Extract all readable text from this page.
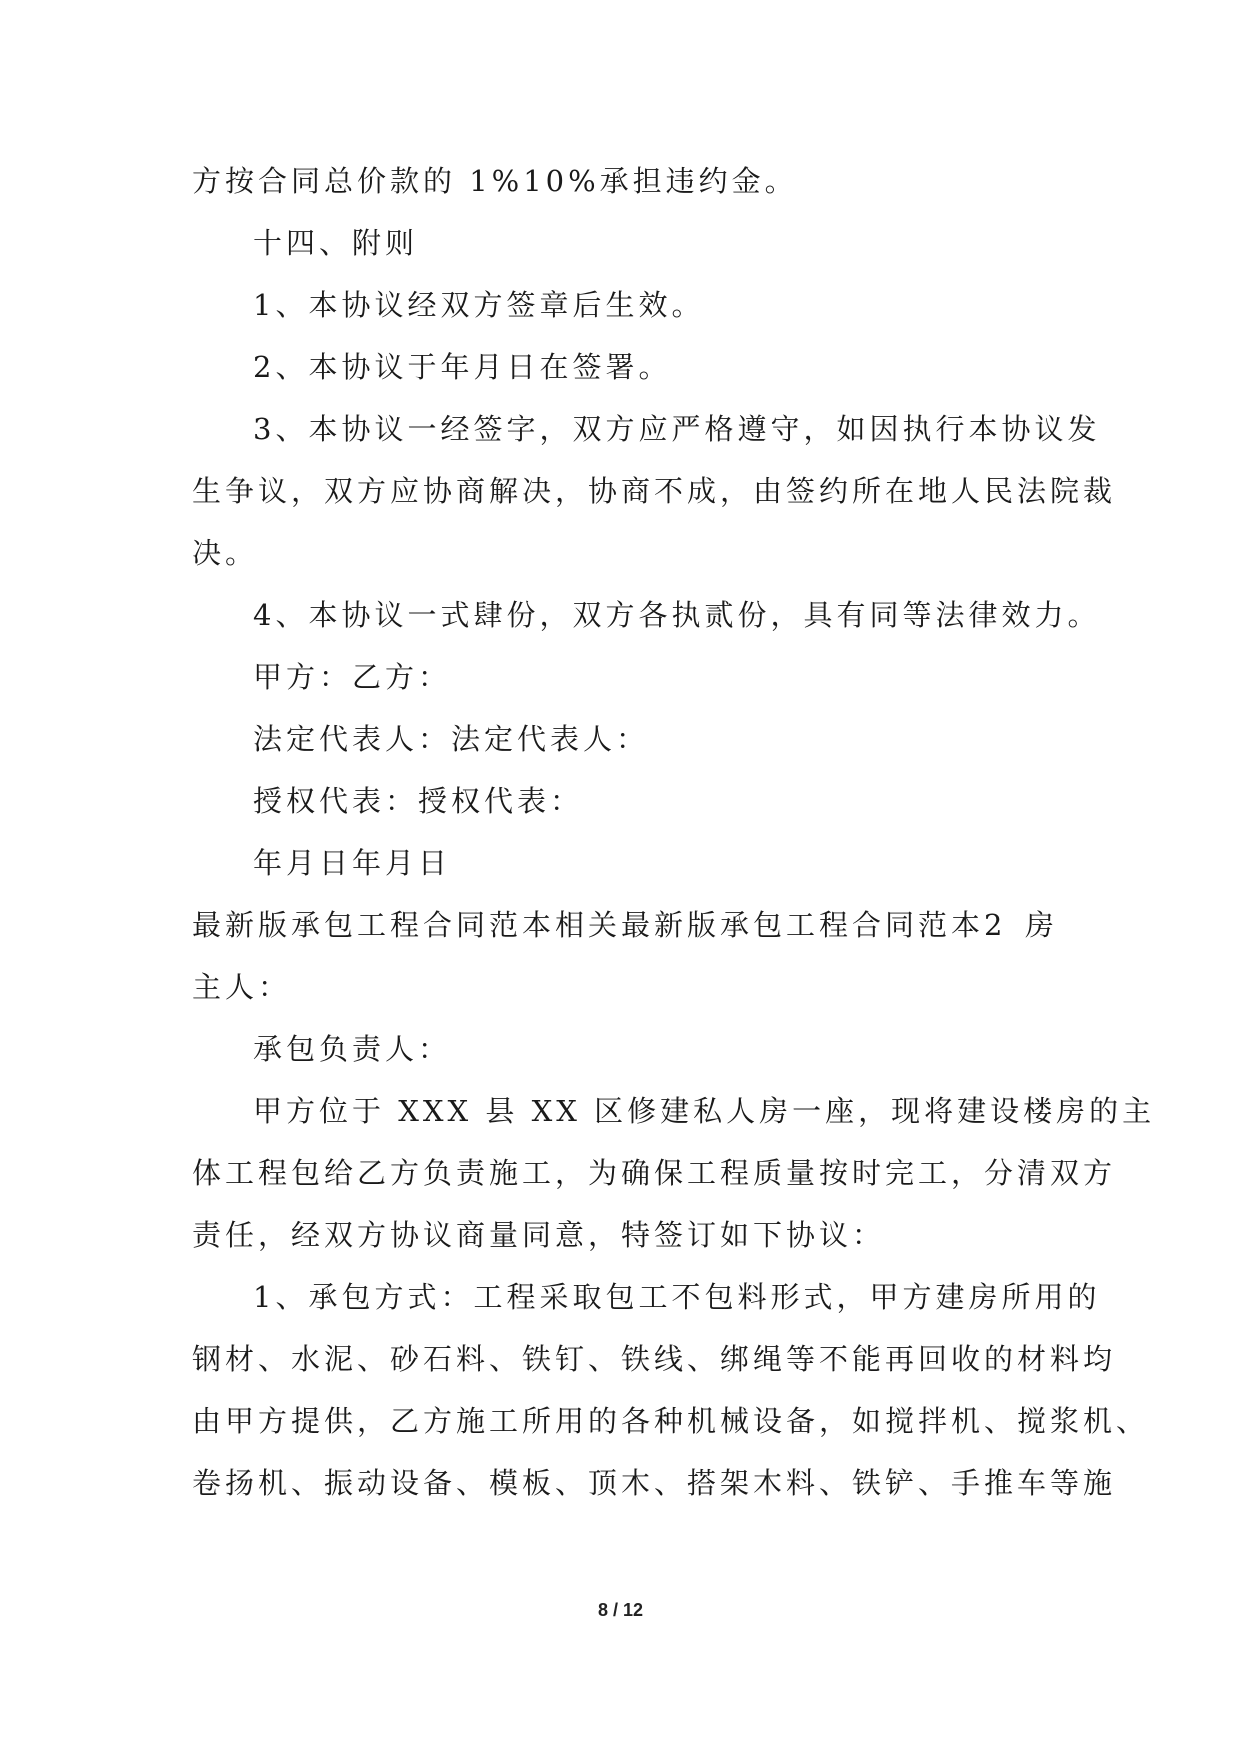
方按合同总价款的 1%10%承担违约金。
十四、附则
1、本协议经双方签章后生效。
2、本协议于年月日在签署。
3、本协议一经签字，双方应严格遵守，如因执行本协议发
生争议，双方应协商解决，协商不成，由签约所在地人民法院裁
决。
4、本协议一式肆份，双方各执贰份，具有同等法律效力。
甲方：乙方：
法定代表人：法定代表人：
授权代表：授权代表：
年月日年月日
最新版承包工程合同范本相关最新版承包工程合同范本2 房
主人：
承包负责人：
甲方位于 XXX 县 XX 区修建私人房一座，现将建设楼房的主
体工程包给乙方负责施工，为确保工程质量按时完工，分清双方
责任，经双方协议商量同意，特签订如下协议：
1、承包方式：工程采取包工不包料形式，甲方建房所用的
钢材、水泥、砂石料、铁钉、铁线、绑绳等不能再回收的材料均
由甲方提供，乙方施工所用的各种机械设备，如搅拌机、搅浆机、
卷扬机、振动设备、模板、顶木、搭架木料、铁铲、手推车等施
8 / 12
